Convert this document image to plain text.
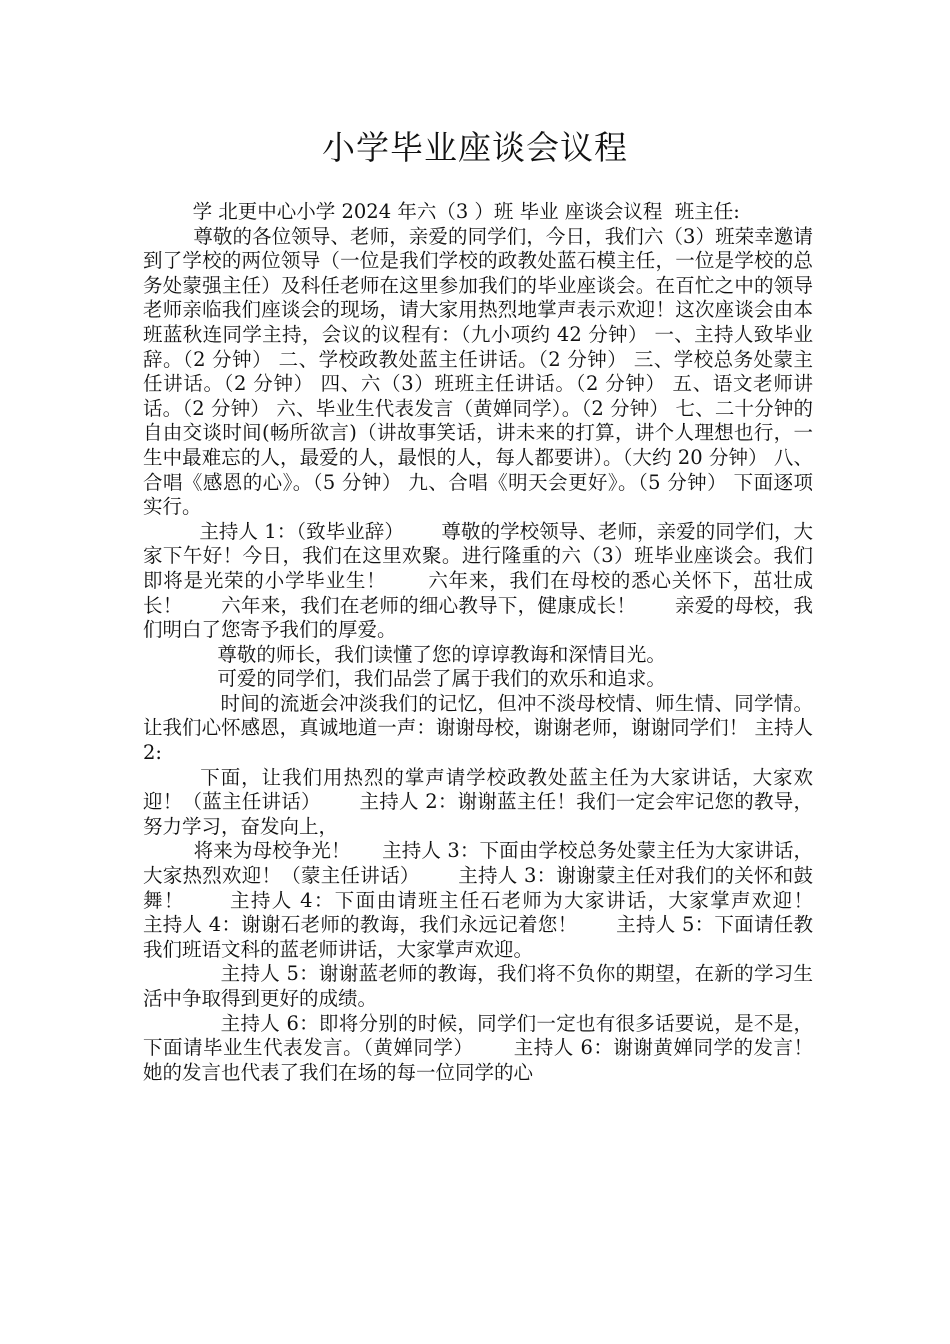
小学毕业座谈会议程

学 北更中心小学 2024 年六（3 ）班 毕业 座谈会议程  班主任:

尊敬的各位领导、老师，亲爱的同学们，今日，我们六（3）班荣幸邀请到了学校的两位领导（一位是我们学校的政教处蓝石模主任，一位是学校的总务处蒙强主任）及科任老师在这里参加我们的毕业座谈会。在百忙之中的领导老师亲临我们座谈会的现场，请大家用热烈地掌声表示欢迎！这次座谈会由本班蓝秋连同学主持，会议的议程有：（九小项约 42 分钟） 一、主持人致毕业辞。（2 分钟） 二、学校政教处蓝主任讲话。（2 分钟） 三、学校总务处蒙主任讲话。（2 分钟） 四、六（3）班班主任讲话。（2 分钟） 五、语文老师讲话。（2 分钟） 六、毕业生代表发言（黄婵同学）。（2 分钟） 七、二十分钟的自由交谈时间(畅所欲言)（讲故事笑话，讲未来的打算，讲个人理想也行，一生中最难忘的人，最爱的人，最恨的人，每人都要讲）。（大约 20 分钟） 八、合唱《感恩的心》。（5 分钟） 九、合唱《明天会更好》。（5 分钟） 下面逐项实行。

主持人 1：（致毕业辞）      尊敬的学校领导、老师，亲爱的同学们，大家下午好！今日，我们在这里欢聚。进行隆重的六（3）班毕业座谈会。我们即将是光荣的小学毕业生！      六年来，我们在母校的悉心关怀下，茁壮成长！      六年来，我们在老师的细心教导下，健康成长！      亲爱的母校，我们明白了您寄予我们的厚爱。

尊敬的师长，我们读懂了您的谆谆教诲和深情目光。

可爱的同学们，我们品尝了属于我们的欢乐和追求。

时间的流逝会冲淡我们的记忆，但冲不淡母校情、师生情、同学情。让我们心怀感恩，真诚地道一声：谢谢母校，谢谢老师，谢谢同学们！ 主持人 2:

下面，让我们用热烈的掌声请学校政教处蓝主任为大家讲话，大家欢迎！（蓝主任讲话）      主持人 2：谢谢蓝主任！我们一定会牢记您的教导，努力学习，奋发向上，

将来为母校争光！     主持人 3：下面由学校总务处蒙主任为大家讲话，大家热烈欢迎！（蒙主任讲话）      主持人 3：谢谢蒙主任对我们的关怀和鼓舞！      主持人 4：下面由请班主任石老师为大家讲话，大家掌声欢迎！      主持人 4：谢谢石老师的教诲，我们永远记着您！      主持人 5：下面请任教我们班语文科的蓝老师讲话，大家掌声欢迎。

主持人 5：谢谢蓝老师的教诲，我们将不负你的期望，在新的学习生活中争取得到更好的成绩。

主持人 6：即将分别的时候，同学们一定也有很多话要说，是不是，下面请毕业生代表发言。（黄婵同学）      主持人 6：谢谢黄婵同学的发言！她的发言也代表了我们在场的每一位同学的心
